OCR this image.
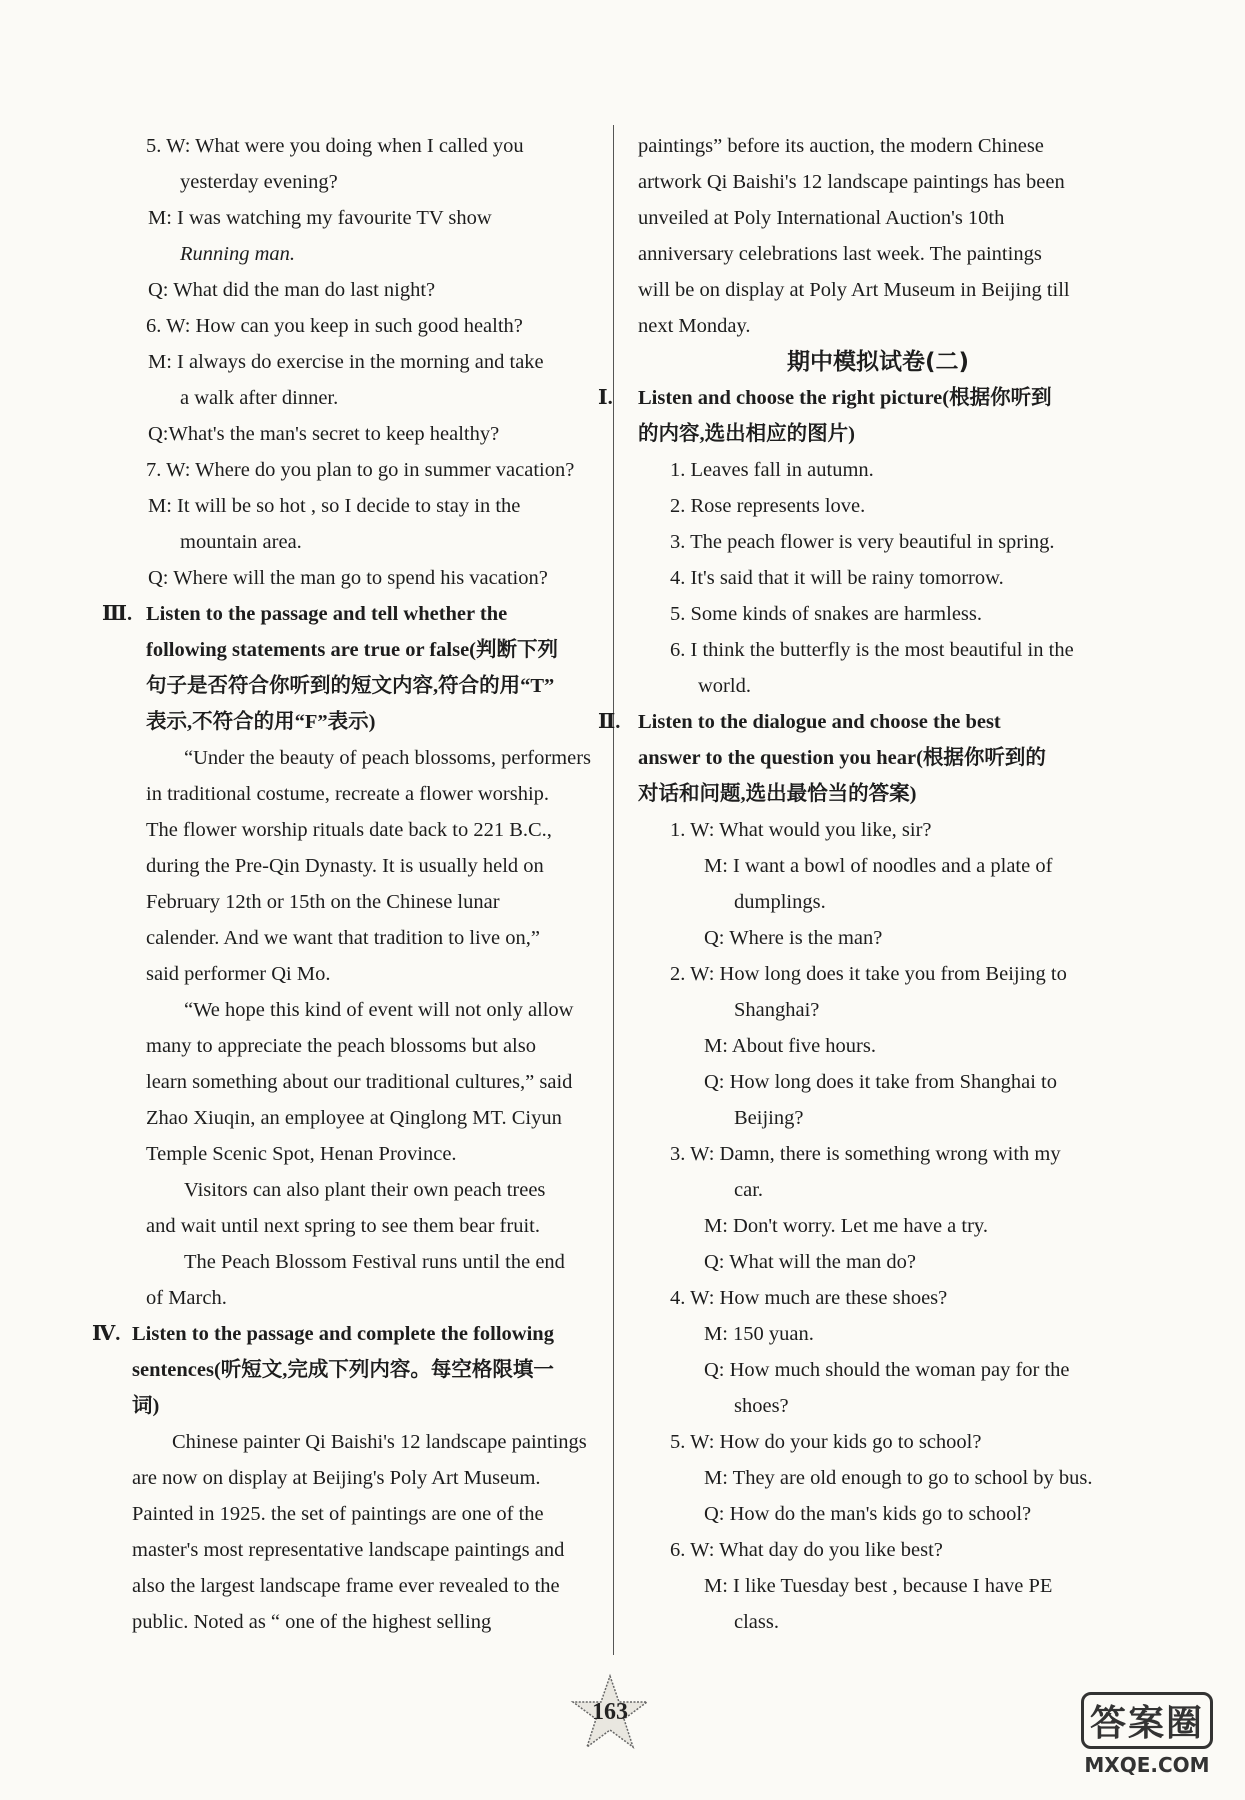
5. W: What were you doing when I called you
yesterday evening?
M: I was watching my favourite TV show
Running man.
Q: What did the man do last night?
6. W: How can you keep in such good health?
M: I always do exercise in the morning and take
a walk after dinner.
Q:What's the man's secret to keep healthy?
7. W: Where do you plan to go in summer vacation?
M: It will be so hot , so I decide to stay in the
mountain area.
Q: Where will the man go to spend his vacation?
Ⅲ. Listen to the passage and tell whether the
following statements are true or false(判断下列
句子是否符合你听到的短文内容,符合的用“T”
表示,不符合的用“F”表示)
“Under the beauty of peach blossoms, performers
in traditional costume, recreate a flower worship.
The flower worship rituals date back to 221 B.C.,
during the Pre-Qin Dynasty. It is usually held on
February 12th or 15th on the Chinese lunar
calender. And we want that tradition to live on,”
said performer Qi Mo.
“We hope this kind of event will not only allow
many to appreciate the peach blossoms but also
learn something about our traditional cultures,” said
Zhao Xiuqin, an employee at Qinglong MT. Ciyun
Temple Scenic Spot, Henan Province.
Visitors can also plant their own peach trees
and wait until next spring to see them bear fruit.
The Peach Blossom Festival runs until the end
of March.
Ⅳ. Listen to the passage and complete the following
sentences(听短文,完成下列内容。每空格限填一
词)
Chinese painter Qi Baishi's 12 landscape paintings
are now on display at Beijing's Poly Art Museum.
Painted in 1925. the set of paintings are one of the
master's most representative landscape paintings and
also the largest landscape frame ever revealed to the
public. Noted as “ one of the highest selling
paintings” before its auction, the modern Chinese
artwork Qi Baishi's 12 landscape paintings has been
unveiled at Poly International Auction's 10th
anniversary celebrations last week. The paintings
will be on display at Poly Art Museum in Beijing till
next Monday.
期中模拟试卷(二)
Ⅰ. Listen and choose the right picture(根据你听到
的内容,选出相应的图片)
1. Leaves fall in autumn.
2. Rose represents love.
3. The peach flower is very beautiful in spring.
4. It's said that it will be rainy tomorrow.
5. Some kinds of snakes are harmless.
6. I think the butterfly is the most beautiful in the
world.
Ⅱ. Listen to the dialogue and choose the best
answer to the question you hear(根据你听到的
对话和问题,选出最恰当的答案)
1. W: What would you like, sir?
M: I want a bowl of noodles and a plate of
dumplings.
Q: Where is the man?
2. W: How long does it take you from Beijing to
Shanghai?
M: About five hours.
Q: How long does it take from Shanghai to
Beijing?
3. W: Damn, there is something wrong with my
car.
M: Don't worry. Let me have a try.
Q: What will the man do?
4. W: How much are these shoes?
M: 150 yuan.
Q: How much should the woman pay for the
shoes?
5. W: How do your kids go to school?
M: They are old enough to go to school by bus.
Q: How do the man's kids go to school?
6. W: What day do you like best?
M: I like Tuesday best , because I have PE
class.
163	答案圈
MXQE.COM
